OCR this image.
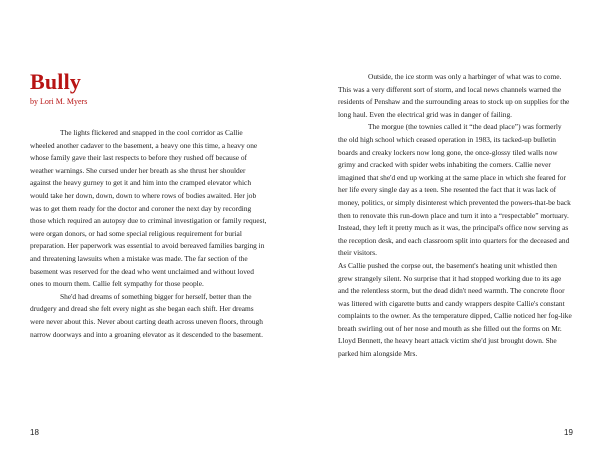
Bully
by Lori M. Myers

The lights flickered and snapped in the cool corridor as Callie wheeled another cadaver to the basement, a heavy one this time, a heavy one whose family gave their last respects to before they rushed off because of weather warnings. She cursed under her breath as she thrust her shoulder against the heavy gurney to get it and him into the cramped elevator which would take her down, down, down to where rows of bodies awaited. Her job was to get them ready for the doctor and coroner the next day by recording those which required an autopsy due to criminal investigation or family request, were organ donors, or had some special religious requirement for burial preparation. Her paperwork was essential to avoid bereaved families barging in and threatening lawsuits when a mistake was made. The far section of the basement was reserved for the dead who went unclaimed and without loved ones to mourn them. Callie felt sympathy for those people.

She'd had dreams of something bigger for herself, better than the drudgery and dread she felt every night as she began each shift. Her dreams were never about this. Never about carting death across uneven floors, through narrow doorways and into a groaning elevator as it descended to the basement.

18

Outside, the ice storm was only a harbinger of what was to come. This was a very different sort of storm, and local news channels warned the residents of Penshaw and the surrounding areas to stock up on supplies for the long haul. Even the electrical grid was in danger of failing.

The morgue (the townies called it “the dead place”) was formerly the old high school which ceased operation in 1983, its tacked-up bulletin boards and creaky lockers now long gone, the once-glossy tiled walls now grimy and cracked with spider webs inhabiting the corners. Callie never imagined that she'd end up working at the same place in which she feared for her life every single day as a teen. She resented the fact that it was lack of money, politics, or simply disinterest which prevented the powers-that-be back then to renovate this run-down place and turn it into a “respectable” mortuary. Instead, they left it pretty much as it was, the principal's office now serving as the reception desk, and each classroom split into quarters for the deceased and their visitors.

As Callie pushed the corpse out, the basement's heating unit whistled then grew strangely silent. No surprise that it had stopped working due to its age and the relentless storm, but the dead didn't need warmth. The concrete floor was littered with cigarette butts and candy wrappers despite Callie's constant complaints to the owner. As the temperature dipped, Callie noticed her fog-like breath swirling out of her nose and mouth as she filled out the forms on Mr. Lloyd Bennett, the heavy heart attack victim she'd just brought down. She parked him alongside Mrs.

19
